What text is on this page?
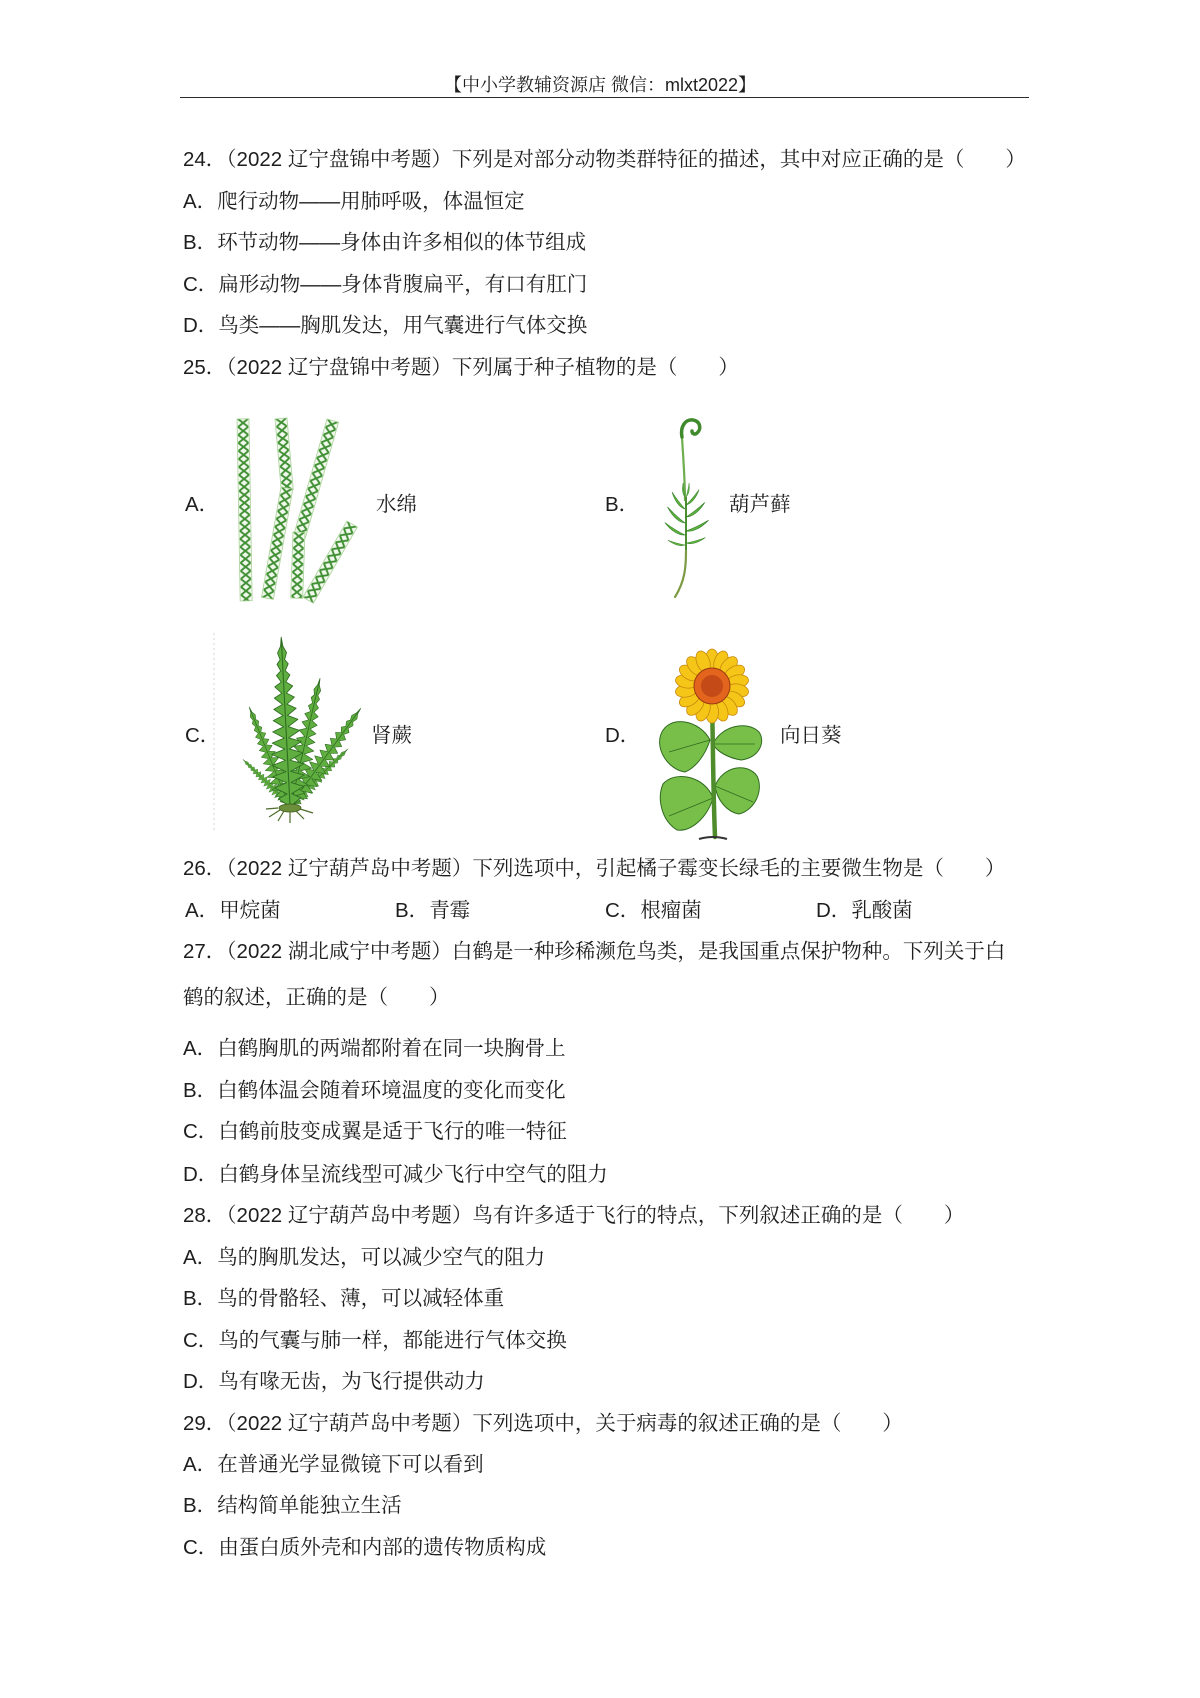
【中小学教辅资源店 微信：mlxt2022】
24．（2022 辽宁盘锦中考题）下列是对部分动物类群特征的描述，其中对应正确的是（　　）
A．爬行动物——用肺呼吸，体温恒定
B．环节动物——身体由许多相似的体节组成
C．扁形动物——身体背腹扁平，有口有肛门
D．鸟类——胸肌发达，用气囊进行气体交换
25．（2022 辽宁盘锦中考题）下列属于种子植物的是（　　）
A．	水绵	B．	葫芦藓
C．	肾蕨	D．	向日葵
26．（2022 辽宁葫芦岛中考题）下列选项中，引起橘子霉变长绿毛的主要微生物是（　　）
A．甲烷菌	B．青霉	C．根瘤菌	D．乳酸菌
27．（2022 湖北咸宁中考题）白鹤是一种珍稀濒危鸟类，是我国重点保护物种。下列关于白
鹤的叙述，正确的是（　　）
A．白鹤胸肌的两端都附着在同一块胸骨上
B．白鹤体温会随着环境温度的变化而变化
C．白鹤前肢变成翼是适于飞行的唯一特征
D．白鹤身体呈流线型可减少飞行中空气的阻力
28．（2022 辽宁葫芦岛中考题）鸟有许多适于飞行的特点，下列叙述正确的是（　　）
A．鸟的胸肌发达，可以减少空气的阻力
B．鸟的骨骼轻、薄，可以减轻体重
C．鸟的气囊与肺一样，都能进行气体交换
D．鸟有喙无齿，为飞行提供动力
29．（2022 辽宁葫芦岛中考题）下列选项中，关于病毒的叙述正确的是（　　）
A．在普通光学显微镜下可以看到
B．结构简单能独立生活
C．由蛋白质外壳和内部的遗传物质构成
